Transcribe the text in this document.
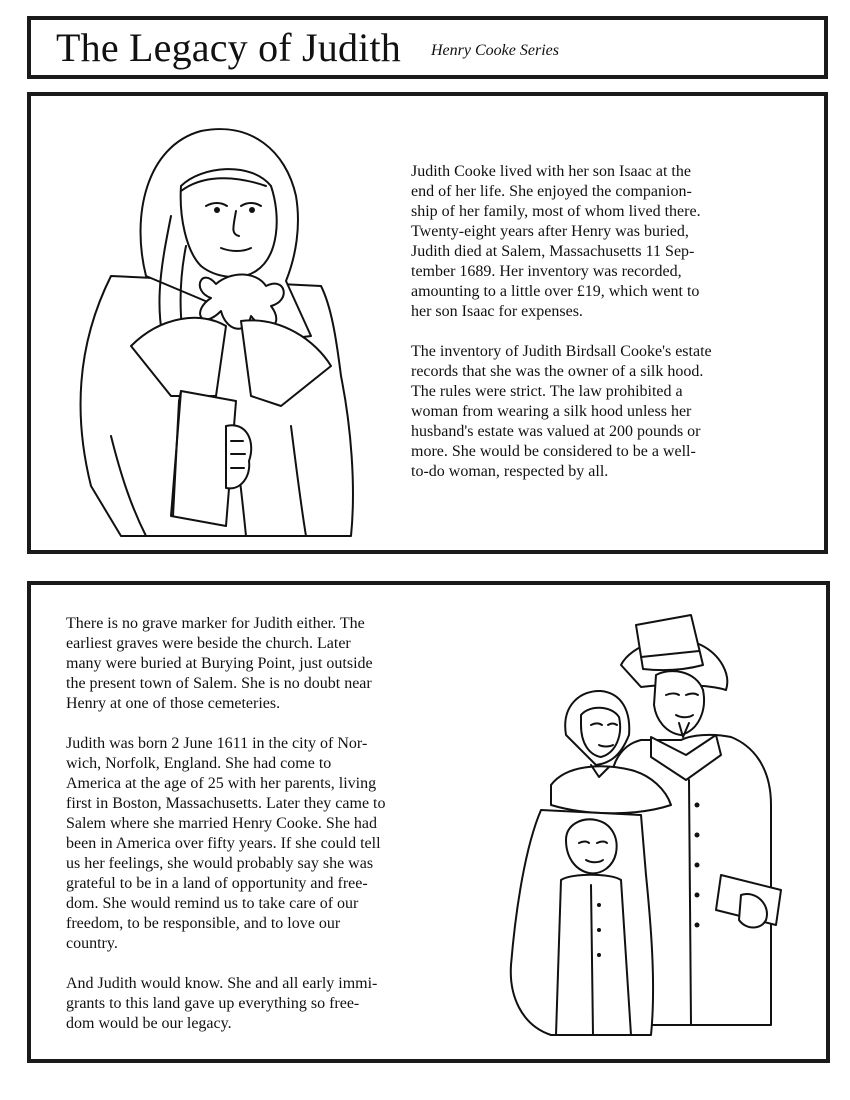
The Legacy of Judith Henry Cooke Series

Judith Cooke lived with her son Isaac at the
end of her life. She enjoyed the companion-
ship of her family, most of whom lived there.
Twenty-eight years after Henry was buried,
Judith died at Salem, Massachusetts 11 Sep-
tember 1689. Her inventory was recorded,
amounting to a little over £19, which went to
her son Isaac for expenses.

The inventory of Judith Birdsall Cooke's estate
records that she was the owner of a silk hood.
The rules were strict. The law prohibited a
woman from wearing a silk hood unless her
husband's estate was valued at 200 pounds or
more. She would be considered to be a well-
to-do woman, respected by all.

There is no grave marker for Judith either. The
earliest graves were beside the church. Later
many were buried at Burying Point, just outside
the present town of Salem. She is no doubt near
Henry at one of those cemeteries.

Judith was born 2 June 1611 in the city of Nor-
wich, Norfolk, England. She had come to
America at the age of 25 with her parents, living
first in Boston, Massachusetts. Later they came to
Salem where she married Henry Cooke. She had
been in America over fifty years. If she could tell
us her feelings, she would probably say she was
grateful to be in a land of opportunity and free-
dom. She would remind us to take care of our
freedom, to be responsible, and to love our
country.

And Judith would know. She and all early immi-
grants to this land gave up everything so free-
dom would be our legacy.
